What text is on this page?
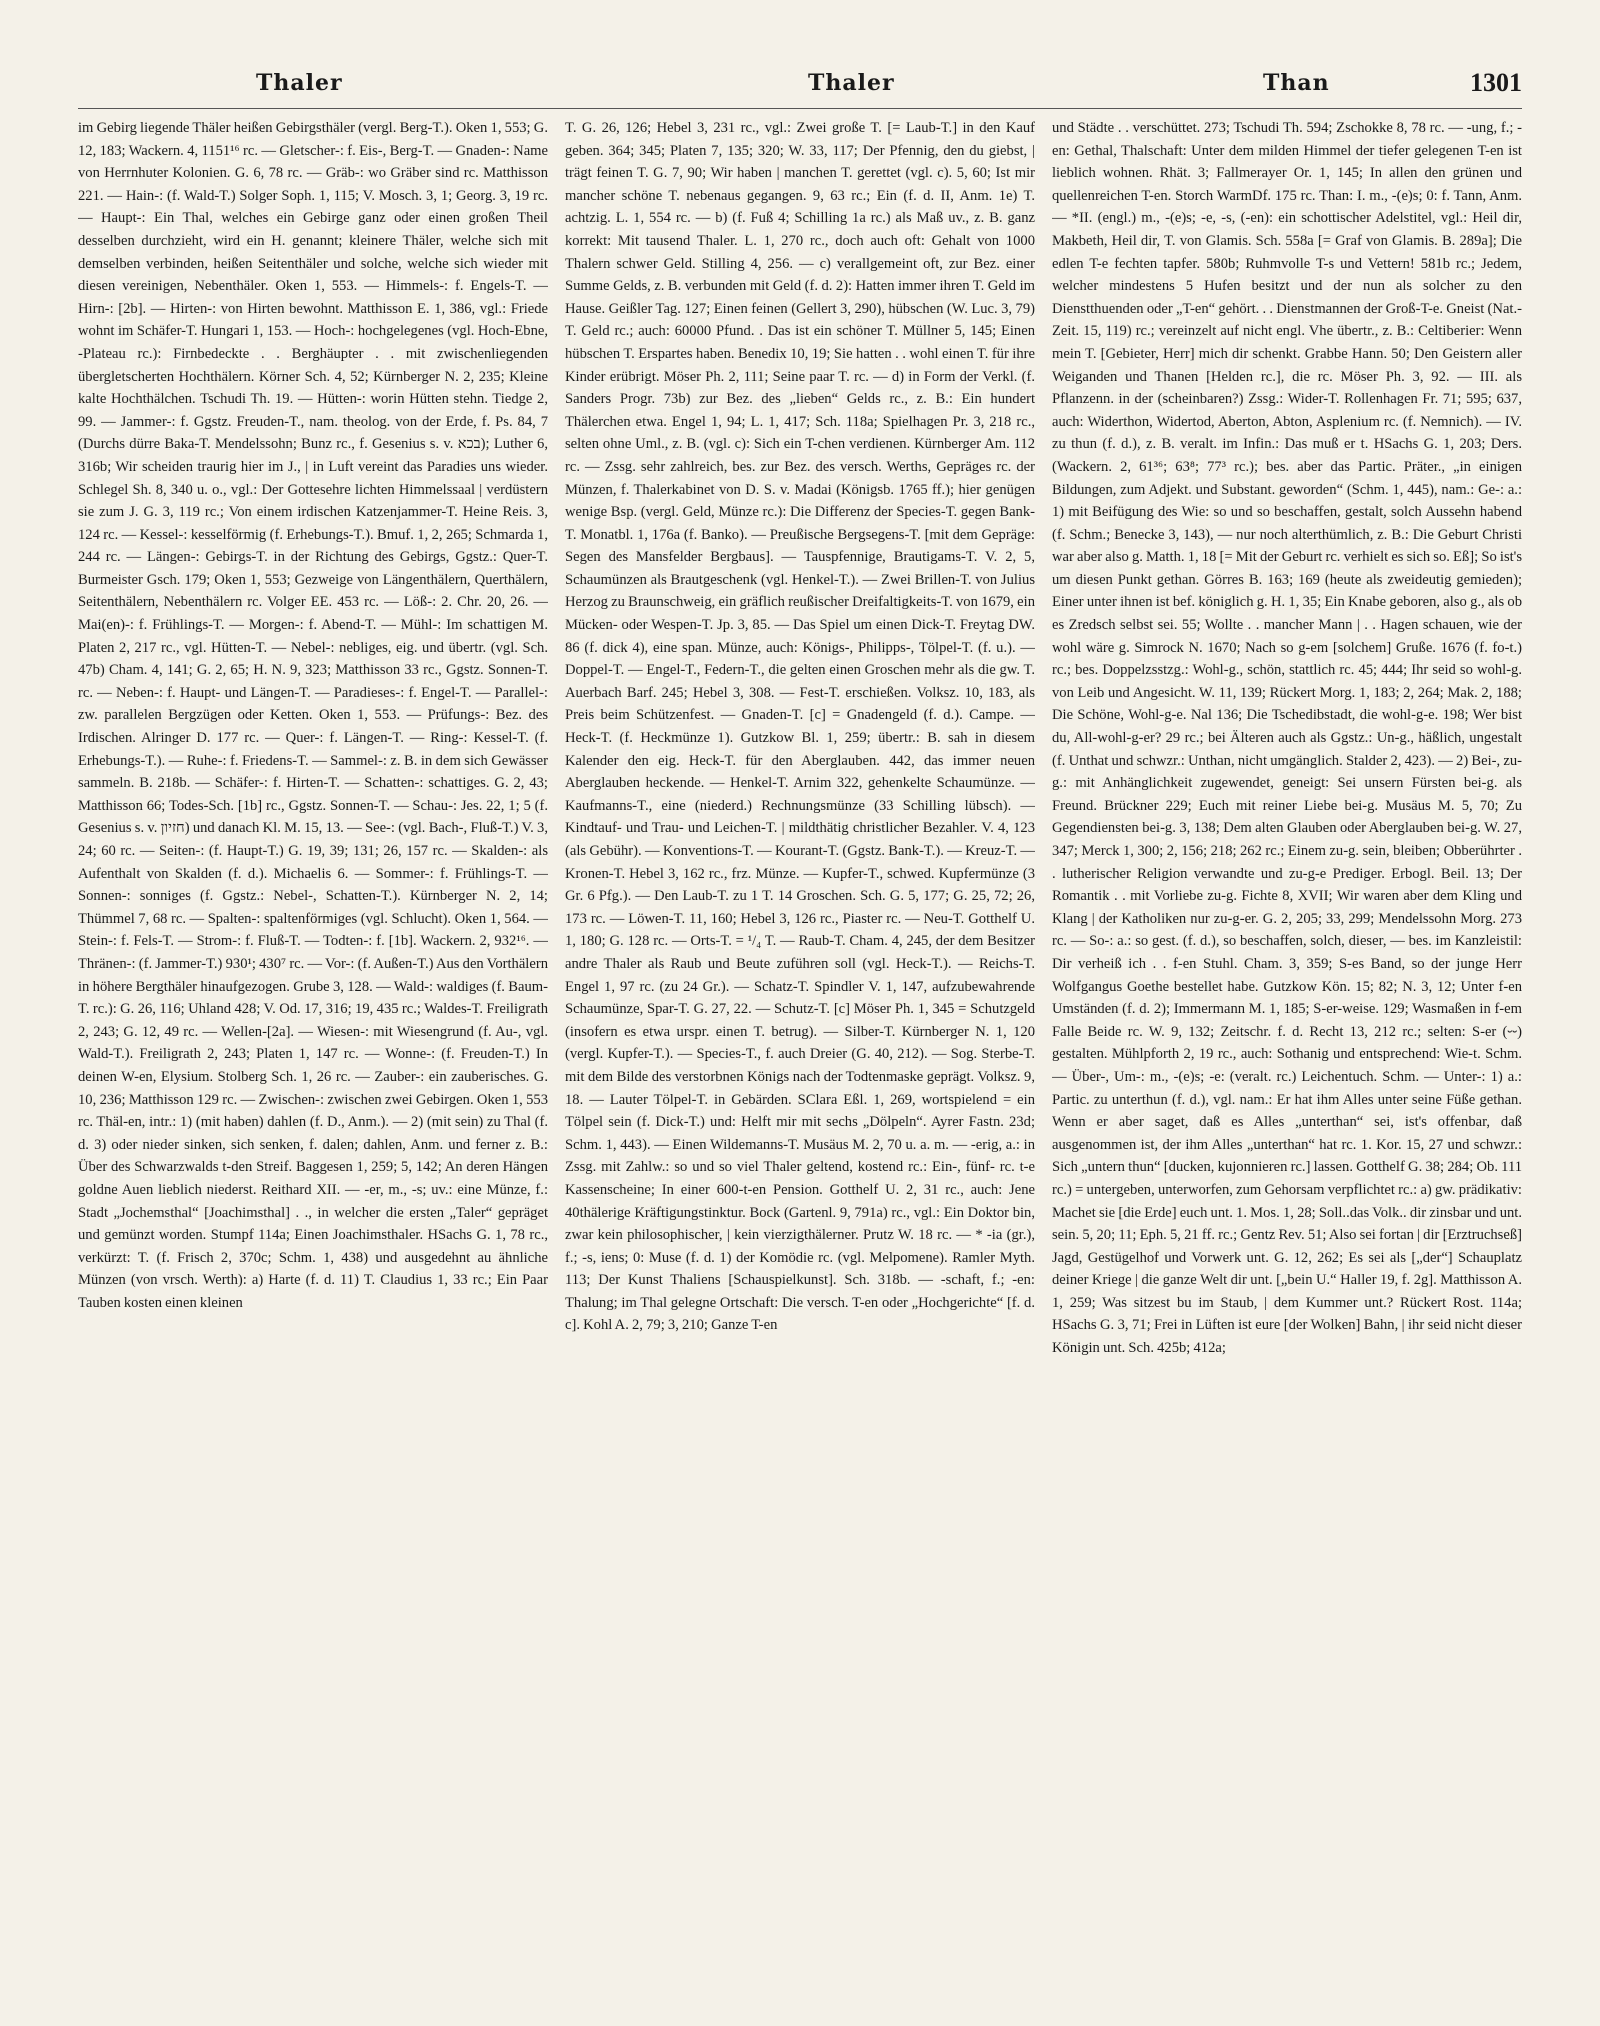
Thaler	Thaler	Than	1301
im Gebirg liegende Thäler heißen Gebirgsthäler (vergl. Berg-T.). Oken 1, 553; G. 12, 183; Wackern. 4, 1151¹⁶ rc. — Gletscher-: f. Eis-, Berg-T. — Gnaden-: Name von Herrnhuter Kolonien. G. 6, 78 rc. — Gräb-: wo Gräber sind rc. Matthisson 221. — Hain-: (f. Wald-T.) Solger Soph. 1, 115; V. Mosch. 3, 1; Georg. 3, 19 rc. — Haupt-: Ein Thal, welches ein Gebirge ganz oder einen großen Theil desselben durchzieht, wird ein H. genannt; kleinere Thäler, welche sich mit demselben verbinden, heißen Seitenthäler und solche, welche sich wieder mit diesen vereinigen, Nebenthäler. Oken 1, 553. — Himmels-: f. Engels-T. — Hirn-: [2b]. — Hirten-: von Hirten bewohnt. Matthisson E. 1, 386, vgl.: Friede wohnt im Schäfer-T. Hungari 1, 153. — Hoch-: hochgelegenes (vgl. Hoch-Ebne, -Plateau rc.): Firnbedeckte . . Berghäupter . . mit zwischenliegenden übergletscherten Hochthälern. Körner Sch. 4, 52; Kürnberger N. 2, 235; Kleine kalte Hochthälchen. Tschudi Th. 19. — Hütten-: worin Hütten stehn. Tiedge 2, 99. — Jammer-: f. Ggstz. Freuden-T., nam. theolog. von der Erde, f. Ps. 84, 7 (Durchs dürre Baka-T. Mendelssohn; Bunz rc., f. Gesenius s. v. בכא); Luther 6, 316b; Wir scheiden traurig hier im J., | in Luft vereint das Paradies uns wieder. Schlegel Sh. 8, 340 u. o., vgl.: Der Gottesehre lichten Himmelssaal | verdüstern sie zum J. G. 3, 119 rc.; Von einem irdischen Katzenjammer-T. Heine Reis. 3, 124 rc. — Kessel-: kesselförmig (f. Erhebungs-T.). Bmuf. 1, 2, 265; Schmarda 1, 244 rc. — Längen-: Gebirgs-T. in der Richtung des Gebirgs, Ggstz.: Quer-T. Burmeister Gsch. 179; Oken 1, 553; Gezweige von Längenthälern, Querthälern, Seitenthälern, Nebenthälern rc. Volger EE. 453 rc. — Löß-: 2. Chr. 20, 26. — Mai(en)-: f. Frühlings-T. — Morgen-: f. Abend-T. — Mühl-: Im schattigen M. Platen 2, 217 rc., vgl. Hütten-T. — Nebel-: nebliges, eig. und übertr. (vgl. Sch. 47b) Cham. 4, 141; G. 2, 65; H. N. 9, 323; Matthisson 33 rc., Ggstz. Sonnen-T. rc. — Neben-: f. Haupt- und Längen-T. — Paradieses-: f. Engel-T. — Parallel-: zw. parallelen Bergzügen oder Ketten. Oken 1, 553. — Prüfungs-: Bez. des Irdischen. Alringer D. 177 rc. — Quer-: f. Längen-T. — Ring-: Kessel-T. (f. Erhebungs-T.). — Ruhe-: f. Friedens-T. — Sammel-: z. B. in dem sich Gewässer sammeln. B. 218b. — Schäfer-: f. Hirten-T. — Schatten-: schattiges. G. 2, 43; Matthisson 66; Todes-Sch. [1b] rc., Ggstz. Sonnen-T. — Schau-: Jes. 22, 1; 5 (f. Gesenius s. v. חזיון) und danach Kl. M. 15, 13. — See-: (vgl. Bach-, Fluß-T.) V. 3, 24; 60 rc. — Seiten-: (f. Haupt-T.) G. 19, 39; 131; 26, 157 rc. — Skalden-: als Aufenthalt von Skalden (f. d.). Michaelis 6. — Sommer-: f. Frühlings-T. — Sonnen-: sonniges (f. Ggstz.: Nebel-, Schatten-T.). Kürnberger N. 2, 14; Thümmel 7, 68 rc. — Spalten-: spaltenförmiges (vgl. Schlucht). Oken 1, 564. — Stein-: f. Fels-T. — Strom-: f. Fluß-T. — Todten-: f. [1b]. Wackern. 2, 932¹⁶. — Thränen-: (f. Jammer-T.) 930¹; 430⁷ rc. — Vor-: (f. Außen-T.) Aus den Vorthälern in höhere Bergthäler hinaufgezogen. Grube 3, 128. — Wald-: waldiges (f. Baum-T. rc.): G. 26, 116; Uhland 428; V. Od. 17, 316; 19, 435 rc.; Waldes-T. Freiligrath 2, 243; G. 12, 49 rc. — Wellen-[2a]. — Wiesen-: mit Wiesengrund (f. Au-, vgl. Wald-T.). Freiligrath 2, 243; Platen 1, 147 rc. — Wonne-: (f. Freuden-T.) In deinen W-en, Elysium. Stolberg Sch. 1, 26 rc. — Zauber-: ein zauberisches. G. 10, 236; Matthisson 129 rc. — Zwischen-: zwischen zwei Gebirgen. Oken 1, 553 rc. Thäl-en, intr.: 1) (mit haben) dahlen (f. D., Anm.). — 2) (mit sein) zu Thal (f. d. 3) oder nieder sinken, sich senken, f. dalen; dahlen, Anm. und ferner z. B.: Über des Schwarzwalds t-den Streif. Baggesen 1, 259; 5, 142; An deren Hängen goldne Auen lieblich niederst. Reithard XII. — -er, m., -s; uv.: eine Münze, f.: Stadt „Jochemsthal“ [Joachimsthal] . ., in welcher die ersten „Taler“ gepräget und gemünzt worden. Stumpf 114a; Einen Joachimsthaler. HSachs G. 1, 78 rc., verkürzt: T. (f. Frisch 2, 370c; Schm. 1, 438) und ausgedehnt au ähnliche Münzen (von vrsch. Werth): a) Harte (f. d. 11) T. Claudius 1, 33 rc.; Ein Paar Tauben kosten einen kleinen
T. G. 26, 126; Hebel 3, 231 rc., vgl.: Zwei große T. [= Laub-T.] in den Kauf geben. 364; 345; Platen 7, 135; 320; W. 33, 117; Der Pfennig, den du giebst, | trägt feinen T. G. 7, 90; Wir haben | manchen T. gerettet (vgl. c). 5, 60; Ist mir mancher schöne T. nebenaus gegangen. 9, 63 rc.; Ein (f. d. II, Anm. 1e) T. achtzig. L. 1, 554 rc. — b) (f. Fuß 4; Schilling 1a rc.) als Maß uv., z. B. ganz korrekt: Mit tausend Thaler. L. 1, 270 rc., doch auch oft: Gehalt von 1000 Thalern schwer Geld. Stilling 4, 256. — c) verallgemeint oft, zur Bez. einer Summe Gelds, z. B. verbunden mit Geld (f. d. 2): Hatten immer ihren T. Geld im Hause. Geißler Tag. 127; Einen feinen (Gellert 3, 290), hübschen (W. Luc. 3, 79) T. Geld rc.; auch: 60000 Pfund. . Das ist ein schöner T. Müllner 5, 145; Einen hübschen T. Erspartes haben. Benedix 10, 19; Sie hatten . . wohl einen T. für ihre Kinder erübrigt. Möser Ph. 2, 111; Seine paar T. rc. — d) in Form der Verkl. (f. Sanders Progr. 73b) zur Bez. des „lieben“ Gelds rc., z. B.: Ein hundert Thälerchen etwa. Engel 1, 94; L. 1, 417; Sch. 118a; Spielhagen Pr. 3, 218 rc., selten ohne Uml., z. B. (vgl. c): Sich ein T-chen verdienen. Kürnberger Am. 112 rc. — Zssg. sehr zahlreich, bes. zur Bez. des versch. Werths, Gepräges rc. der Münzen, f. Thalerkabinet von D. S. v. Madai (Königsb. 1765 ff.); hier genügen wenige Bsp. (vergl. Geld, Münze rc.): Die Differenz der Species-T. gegen Bank-T. Monatbl. 1, 176a (f. Banko). — Preußische Bergsegens-T. [mit dem Gepräge: Segen des Mansfelder Bergbaus]. — Tauspfennige, Brautigams-T. V. 2, 5, Schaumünzen als Brautgeschenk (vgl. Henkel-T.). — Zwei Brillen-T. von Julius Herzog zu Braunschweig, ein gräflich reußischer Dreifaltigkeits-T. von 1679, ein Mücken- oder Wespen-T. Jp. 3, 85. — Das Spiel um einen Dick-T. Freytag DW. 86 (f. dick 4), eine span. Münze, auch: Königs-, Philipps-, Tölpel-T. (f. u.). — Doppel-T. — Engel-T., Federn-T., die gelten einen Groschen mehr als die gw. T. Auerbach Barf. 245; Hebel 3, 308. — Fest-T. erschießen. Volksz. 10, 183, als Preis beim Schützenfest. — Gnaden-T. [c] = Gnadengeld (f. d.). Campe. — Heck-T. (f. Heckmünze 1). Gutzkow Bl. 1, 259; übertr.: B. sah in diesem Kalender den eig. Heck-T. für den Aberglauben. 442, das immer neuen Aberglauben heckende. — Henkel-T. Arnim 322, gehenkelte Schaumünze. — Kaufmanns-T., eine (niederd.) Rechnungsmünze (33 Schilling lübsch). — Kindtauf- und Trau- und Leichen-T. | mildthätig christlicher Bezahler. V. 4, 123 (als Gebühr). — Konventions-T. — Kourant-T. (Ggstz. Bank-T.). — Kreuz-T. — Kronen-T. Hebel 3, 162 rc., frz. Münze. — Kupfer-T., schwed. Kupfermünze (3 Gr. 6 Pfg.). — Den Laub-T. zu 1 T. 14 Groschen. Sch. G. 5, 177; G. 25, 72; 26, 173 rc. — Löwen-T. 11, 160; Hebel 3, 126 rc., Piaster rc. — Neu-T. Gotthelf U. 1, 180; G. 128 rc. — Orts-T. = ¹/₄ T. — Raub-T. Cham. 4, 245, der dem Besitzer andre Thaler als Raub und Beute zuführen soll (vgl. Heck-T.). — Reichs-T. Engel 1, 97 rc. (zu 24 Gr.). — Schatz-T. Spindler V. 1, 147, aufzubewahrende Schaumünze, Spar-T. G. 27, 22. — Schutz-T. [c] Möser Ph. 1, 345 = Schutzgeld (insofern es etwa urspr. einen T. betrug). — Silber-T. Kürnberger N. 1, 120 (vergl. Kupfer-T.). — Species-T., f. auch Dreier (G. 40, 212). — Sog. Sterbe-T. mit dem Bilde des verstorbnen Königs nach der Todtenmaske geprägt. Volksz. 9, 18. — Lauter Tölpel-T. in Gebärden. SClara Eßl. 1, 269, wortspielend = ein Tölpel sein (f. Dick-T.) und: Helft mir mit sechs „Dölpeln“. Ayrer Fastn. 23d; Schm. 1, 443). — Einen Wildemanns-T. Musäus M. 2, 70 u. a. m. — -erig, a.: in Zssg. mit Zahlw.: so und so viel Thaler geltend, kostend rc.: Ein-, fünf- rc. t-e Kassenscheine; In einer 600-t-en Pension. Gotthelf U. 2, 31 rc., auch: Jene 40thälerige Kräftigungstinktur. Bock (Gartenl. 9, 791a) rc., vgl.: Ein Doktor bin, zwar kein philosophischer, | kein vierzigthälerner. Prutz W. 18 rc. — * -ia (gr.), f.; -s, iens; 0: Muse (f. d. 1) der Komödie rc. (vgl. Melpomene). Ramler Myth. 113; Der Kunst Thaliens [Schauspielkunst]. Sch. 318b. — -schaft, f.; -en: Thalung; im Thal gelegne Ortschaft: Die versch. T-en oder „Hochgerichte“ [f. d. c]. Kohl A. 2, 79; 3, 210; Ganze T-en
und Städte . . verschüttet. 273; Tschudi Th. 594; Zschokke 8, 78 rc. — -ung, f.; -en: Gethal, Thalschaft: Unter dem milden Himmel der tiefer gelegenen T-en ist lieblich wohnen. Rhät. 3; Fallmerayer Or. 1, 145; In allen den grünen und quellenreichen T-en. Storch WarmDf. 175 rc. Than: I. m., -(e)s; 0: f. Tann, Anm. — *II. (engl.) m., -(e)s; -e, -s, (-en): ein schottischer Adelstitel, vgl.: Heil dir, Makbeth, Heil dir, T. von Glamis. Sch. 558a [= Graf von Glamis. B. 289a]; Die edlen T-e fechten tapfer. 580b; Ruhmvolle T-s und Vettern! 581b rc.; Jedem, welcher mindestens 5 Hufen besitzt und der nun als solcher zu den Dienstthuenden oder „T-en“ gehört. . . Dienstmannen der Groß-T-e. Gneist (Nat.-Zeit. 15, 119) rc.; vereinzelt auf nicht engl. Vhe übertr., z. B.: Celtiberier: Wenn mein T. [Gebieter, Herr] mich dir schenkt. Grabbe Hann. 50; Den Geistern aller Weiganden und Thanen [Helden rc.], die rc. Möser Ph. 3, 92. — III. als Pflanzenn. in der (scheinbaren?) Zssg.: Wider-T. Rollenhagen Fr. 71; 595; 637, auch: Widerthon, Widertod, Aberton, Abton, Asplenium rc. (f. Nemnich). — IV. zu thun (f. d.), z. B. veralt. im Infin.: Das muß er t. HSachs G. 1, 203; Ders. (Wackern. 2, 61³⁶; 63⁸; 77³ rc.); bes. aber das Partic. Präter., „in einigen Bildungen, zum Adjekt. und Substant. geworden“ (Schm. 1, 445), nam.: Ge-: a.: 1) mit Beifügung des Wie: so und so beschaffen, gestalt, solch Aussehn habend (f. Schm.; Benecke 3, 143), — nur noch alterthümlich, z. B.: Die Geburt Christi war aber also g. Matth. 1, 18 [= Mit der Geburt rc. verhielt es sich so. Eß]; So ist's um diesen Punkt gethan. Görres B. 163; 169 (heute als zweideutig gemieden); Einer unter ihnen ist bef. königlich g. H. 1, 35; Ein Knabe geboren, also g., als ob es Zredsch selbst sei. 55; Wollte . . mancher Mann | . . Hagen schauen, wie der wohl wäre g. Simrock N. 1670; Nach so g-em [solchem] Gruße. 1676 (f. fo-t.) rc.; bes. Doppelzsstzg.: Wohl-g., schön, stattlich rc. 45; 444; Ihr seid so wohl-g. von Leib und Angesicht. W. 11, 139; Rückert Morg. 1, 183; 2, 264; Mak. 2, 188; Die Schöne, Wohl-g-e. Nal 136; Die Tschedibstadt, die wohl-g-e. 198; Wer bist du, All-wohl-g-er? 29 rc.; bei Älteren auch als Ggstz.: Un-g., häßlich, ungestalt (f. Unthat und schwzr.: Unthan, nicht umgänglich. Stalder 2, 423). — 2) Bei-, zu-g.: mit Anhänglichkeit zugewendet, geneigt: Sei unsern Fürsten bei-g. als Freund. Brückner 229; Euch mit reiner Liebe bei-g. Musäus M. 5, 70; Zu Gegendiensten bei-g. 3, 138; Dem alten Glauben oder Aberglauben bei-g. W. 27, 347; Merck 1, 300; 2, 156; 218; 262 rc.; Einem zu-g. sein, bleiben; Obberührter . . lutherischer Religion verwandte und zu-g-e Prediger. Erbogl. Beil. 13; Der Romantik . . mit Vorliebe zu-g. Fichte 8, XVII; Wir waren aber dem Kling und Klang | der Katholiken nur zu-g-er. G. 2, 205; 33, 299; Mendelssohn Morg. 273 rc. — So-: a.: so gest. (f. d.), so beschaffen, solch, dieser, — bes. im Kanzleistil: Dir verheiß ich . . f-en Stuhl. Cham. 3, 359; S-es Band, so der junge Herr Wolfgangus Goethe bestellet habe. Gutzkow Kön. 15; 82; N. 3, 12; Unter f-en Umständen (f. d. 2); Immermann M. 1, 185; S-er-weise. 129; Wasmaßen in f-em Falle Beide rc. W. 9, 132; Zeitschr. f. d. Recht 13, 212 rc.; selten: S-er (⏑⏑) gestalten. Mühlpforth 2, 19 rc., auch: Sothanig und entsprechend: Wie-t. Schm. — Über-, Um-: m., -(e)s; -e: (veralt. rc.) Leichentuch. Schm. — Unter-: 1) a.: Partic. zu unterthun (f. d.), vgl. nam.: Er hat ihm Alles unter seine Füße gethan. Wenn er aber saget, daß es Alles „unterthan“ sei, ist's offenbar, daß ausgenommen ist, der ihm Alles „unterthan“ hat rc. 1. Kor. 15, 27 und schwzr.: Sich „untern thun“ [ducken, kujonnieren rc.] lassen. Gotthelf G. 38; 284; Ob. 111 rc.) = untergeben, unterworfen, zum Gehorsam verpflichtet rc.: a) gw. prädikativ: Machet sie [die Erde] euch unt. 1. Mos. 1, 28; Soll..das Volk.. dir zinsbar und unt. sein. 5, 20; 11; Eph. 5, 21 ff. rc.; Gentz Rev. 51; Also sei fortan | dir [Erztruchseß] Jagd, Gestügelhof und Vorwerk unt. G. 12, 262; Es sei als [„der“] Schauplatz deiner Kriege | die ganze Welt dir unt. [„bein U.“ Haller 19, f. 2g]. Matthisson A. 1, 259; Was sitzest bu im Staub, | dem Kummer unt.? Rückert Rost. 114a; HSachs G. 3, 71; Frei in Lüften ist eure [der Wolken] Bahn, | ihr seid nicht dieser Königin unt. Sch. 425b; 412a;
